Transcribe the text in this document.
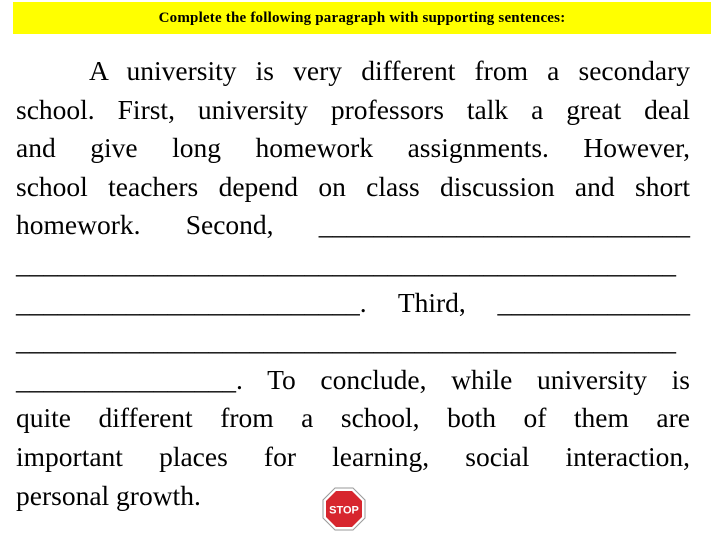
Complete the following paragraph with supporting sentences:
A university is very different from a secondary
school. First, university professors talk a great deal
and give long homework assignments. However,
school teachers depend on class discussion and short
homework. Second, ___________________________
________________________________________________
_________________________. Third, ______________
________________________________________________
________________. To conclude, while university is
quite different from a school, both of them are
important places for learning, social interaction,
personal growth.	STOP
